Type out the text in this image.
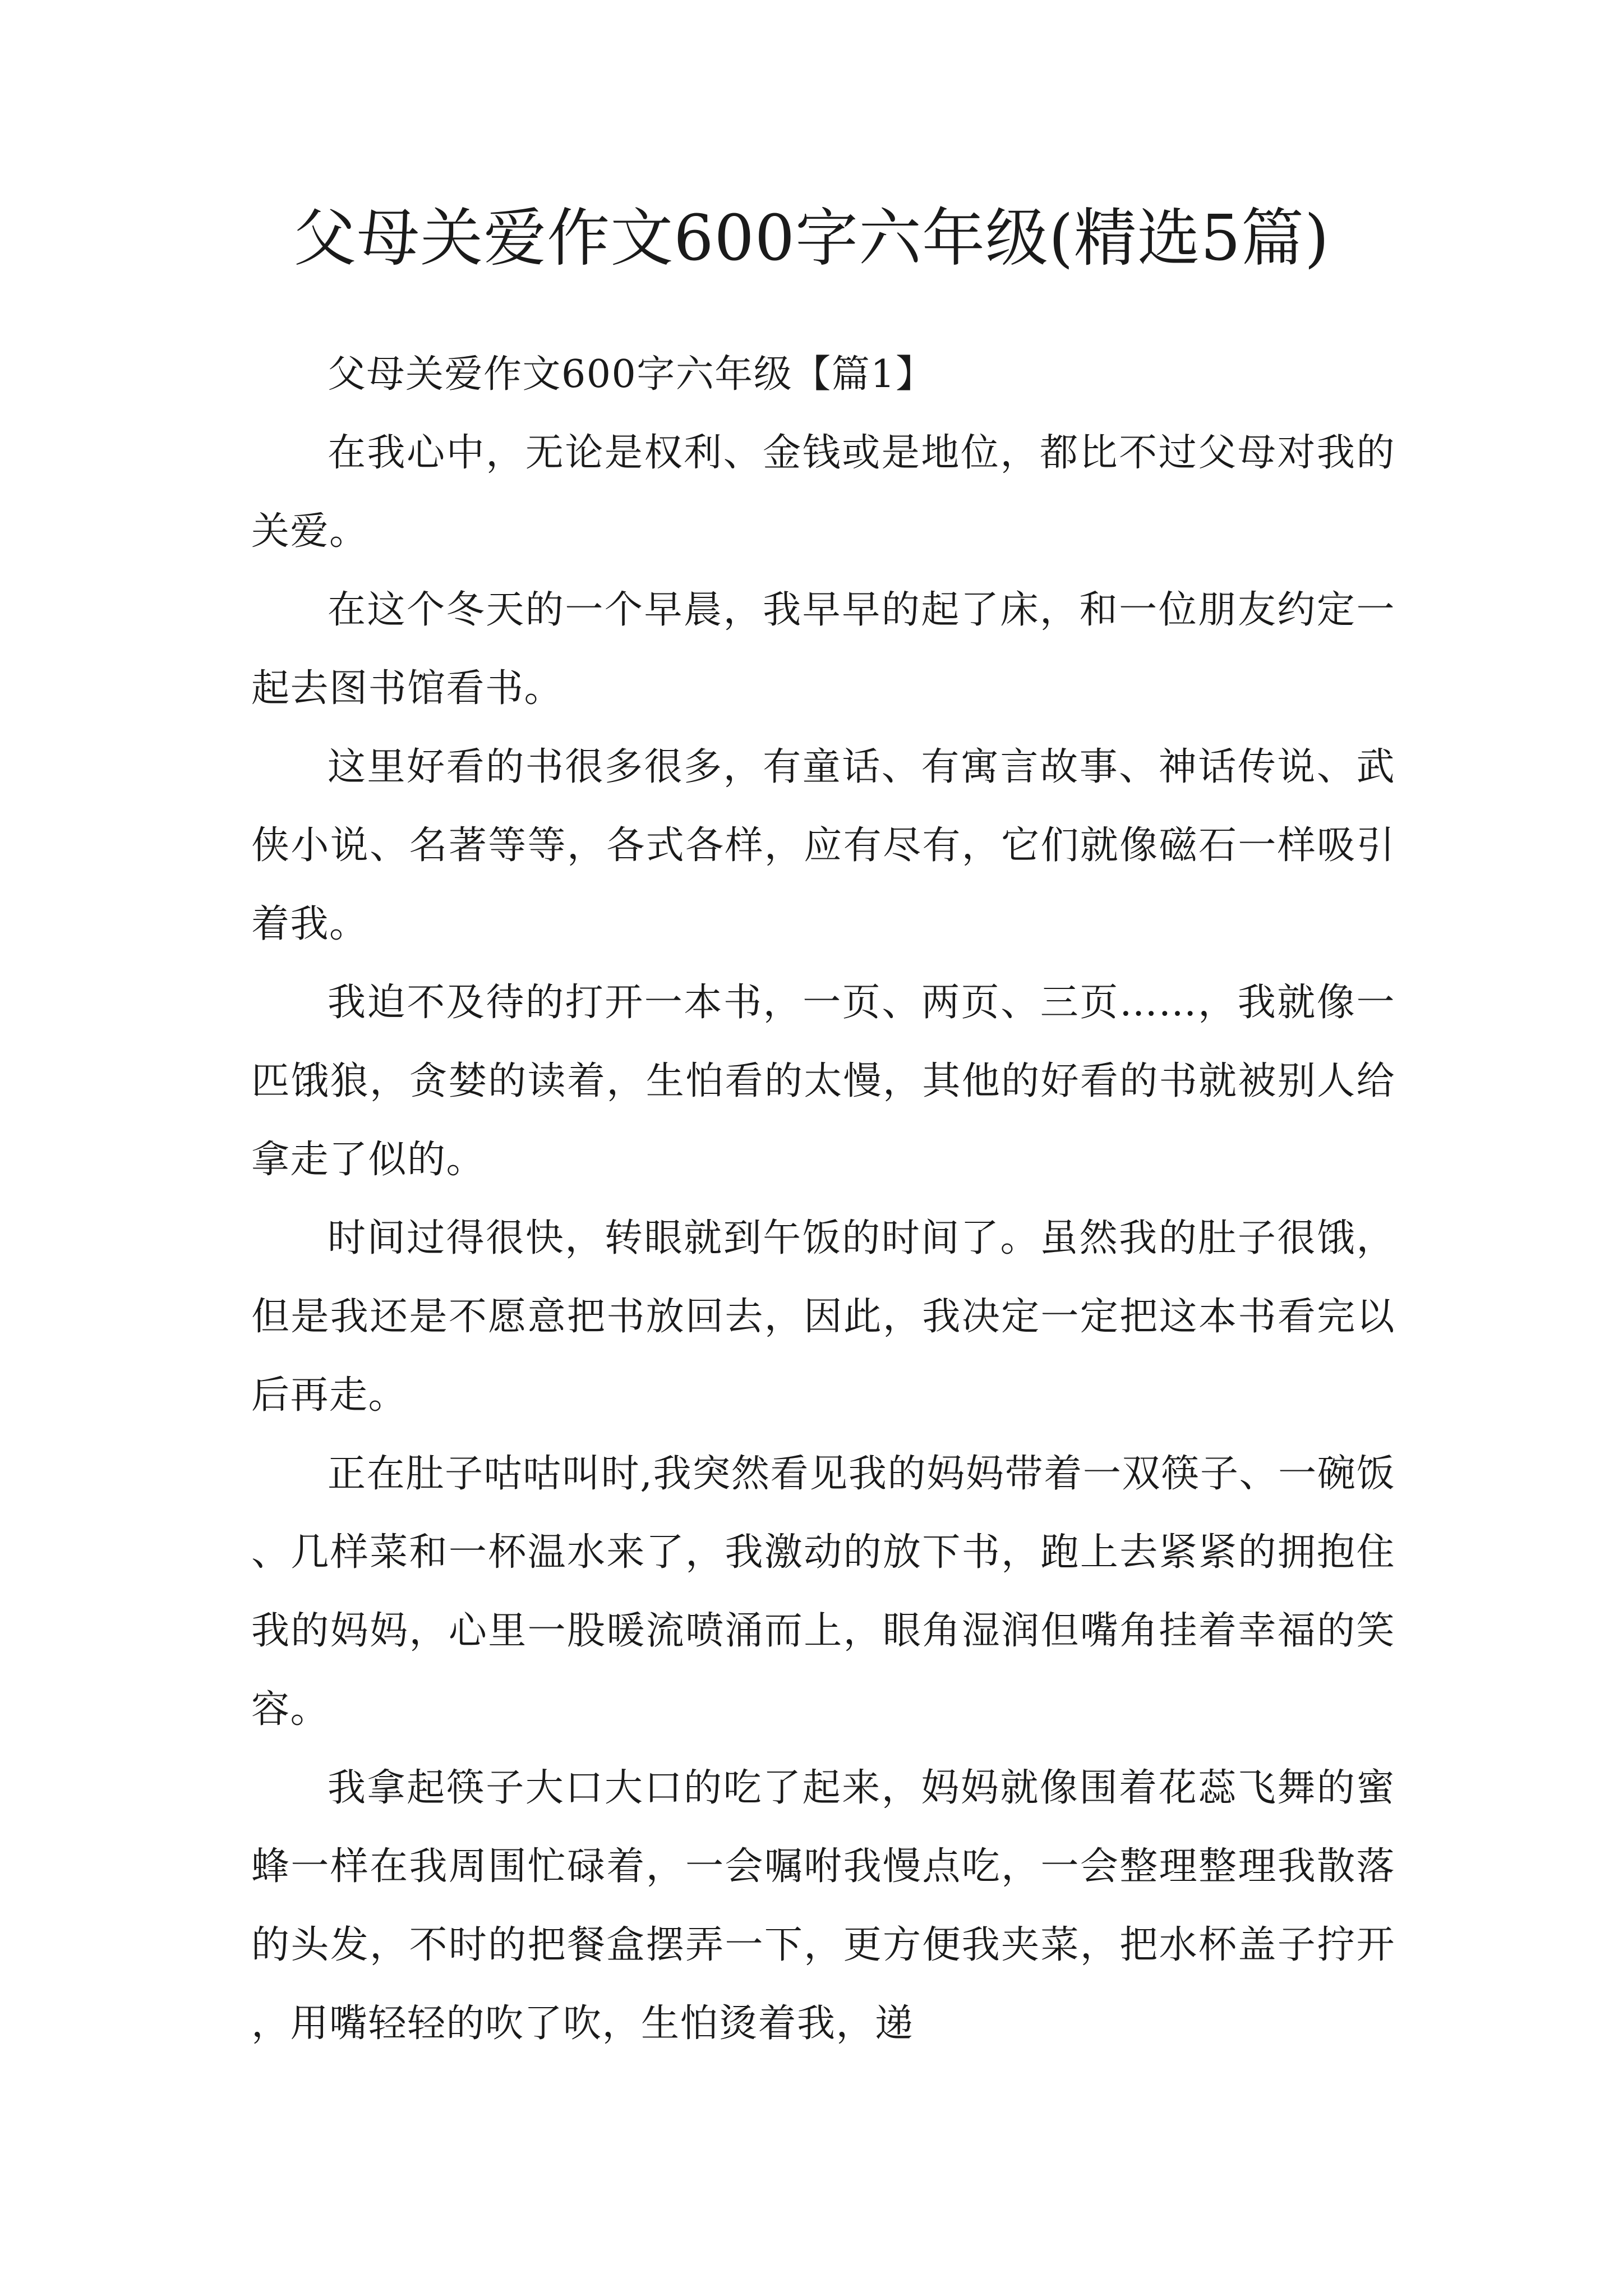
父母关爱作文600字六年级(精选5篇)

父母关爱作文600字六年级【篇1】

在我心中，无论是权利、金钱或是地位，都比不过父母对我的关爱。

在这个冬天的一个早晨，我早早的起了床，和一位朋友约定一起去图书馆看书。

这里好看的书很多很多，有童话、有寓言故事、神话传说、武侠小说、名著等等，各式各样，应有尽有，它们就像磁石一样吸引着我。

我迫不及待的打开一本书，一页、两页、三页……，我就像一匹饿狼，贪婪的读着，生怕看的太慢，其他的好看的书就被别人给拿走了似的。

时间过得很快，转眼就到午饭的时间了。虽然我的肚子很饿，但是我还是不愿意把书放回去，因此，我决定一定把这本书看完以后再走。

正在肚子咕咕叫时,我突然看见我的妈妈带着一双筷子、一碗饭、几样菜和一杯温水来了，我激动的放下书，跑上去紧紧的拥抱住我的妈妈，心里一股暖流喷涌而上，眼角湿润但嘴角挂着幸福的笑容。

我拿起筷子大口大口的吃了起来，妈妈就像围着花蕊飞舞的蜜蜂一样在我周围忙碌着，一会嘱咐我慢点吃，一会整理整理我散落的头发，不时的把餐盒摆弄一下，更方便我夹菜，把水杯盖子拧开，用嘴轻轻的吹了吹，生怕烫着我，递
